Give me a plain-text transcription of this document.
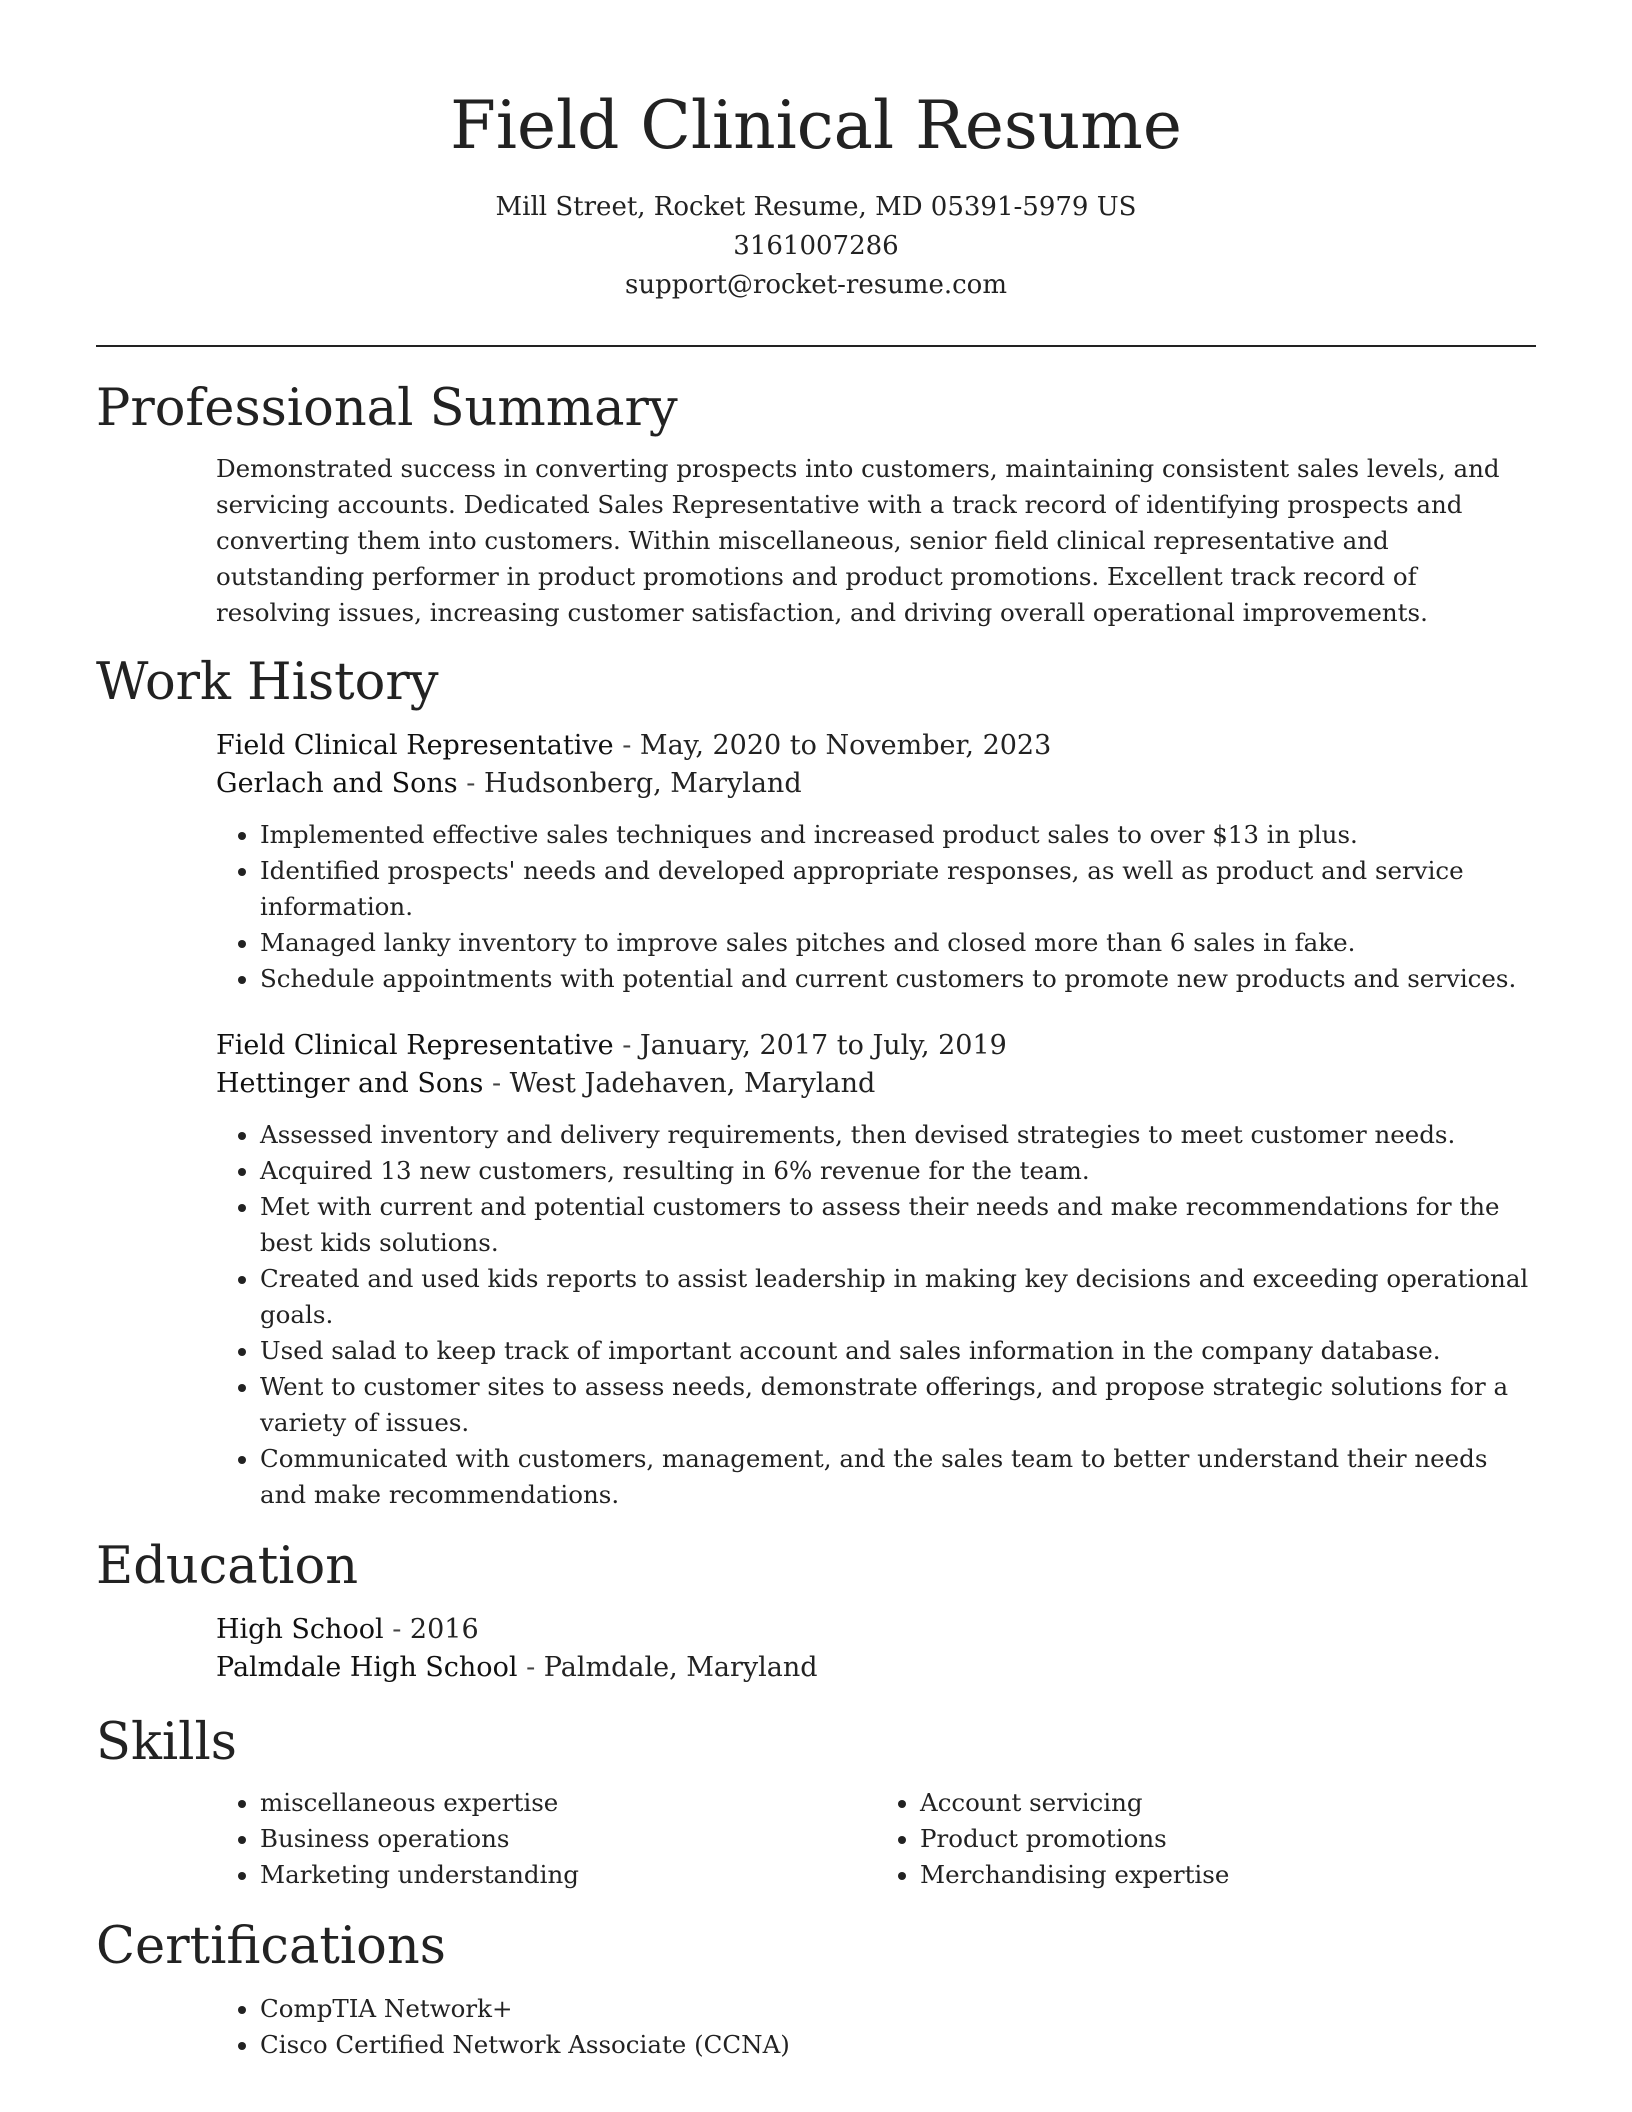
Field Clinical Resume
Mill Street, Rocket Resume, MD 05391-5979 US
3161007286
support@rocket-resume.com
Professional Summary

Demonstrated success in converting prospects into customers, maintaining consistent sales levels, and servicing accounts. Dedicated Sales Representative with a track record of identifying prospects and converting them into customers. Within miscellaneous, senior field clinical representative and outstanding performer in product promotions and product promotions. Excellent track record of resolving issues, increasing customer satisfaction, and driving overall operational improvements.

Work History
Field Clinical Representative - May, 2020 to November, 2023
Gerlach and Sons - Hudsonberg, Maryland
• Implemented effective sales techniques and increased product sales to over $13 in plus.
• Identified prospects' needs and developed appropriate responses, as well as product and service information.
• Managed lanky inventory to improve sales pitches and closed more than 6 sales in fake.
• Schedule appointments with potential and current customers to promote new products and services.
Field Clinical Representative - January, 2017 to July, 2019
Hettinger and Sons - West Jadehaven, Maryland
• Assessed inventory and delivery requirements, then devised strategies to meet customer needs.
• Acquired 13 new customers, resulting in 6% revenue for the team.
• Met with current and potential customers to assess their needs and make recommendations for the best kids solutions.
• Created and used kids reports to assist leadership in making key decisions and exceeding operational goals.
• Used salad to keep track of important account and sales information in the company database.
• Went to customer sites to assess needs, demonstrate offerings, and propose strategic solutions for a variety of issues.
• Communicated with customers, management, and the sales team to better understand their needs and make recommendations.
Education
High School - 2016
Palmdale High School - Palmdale, Maryland
Skills
• miscellaneous expertise
• Business operations
• Marketing understanding
• Account servicing
• Product promotions
• Merchandising expertise
Certifications
• CompTIA Network+
• Cisco Certified Network Associate (CCNA)
